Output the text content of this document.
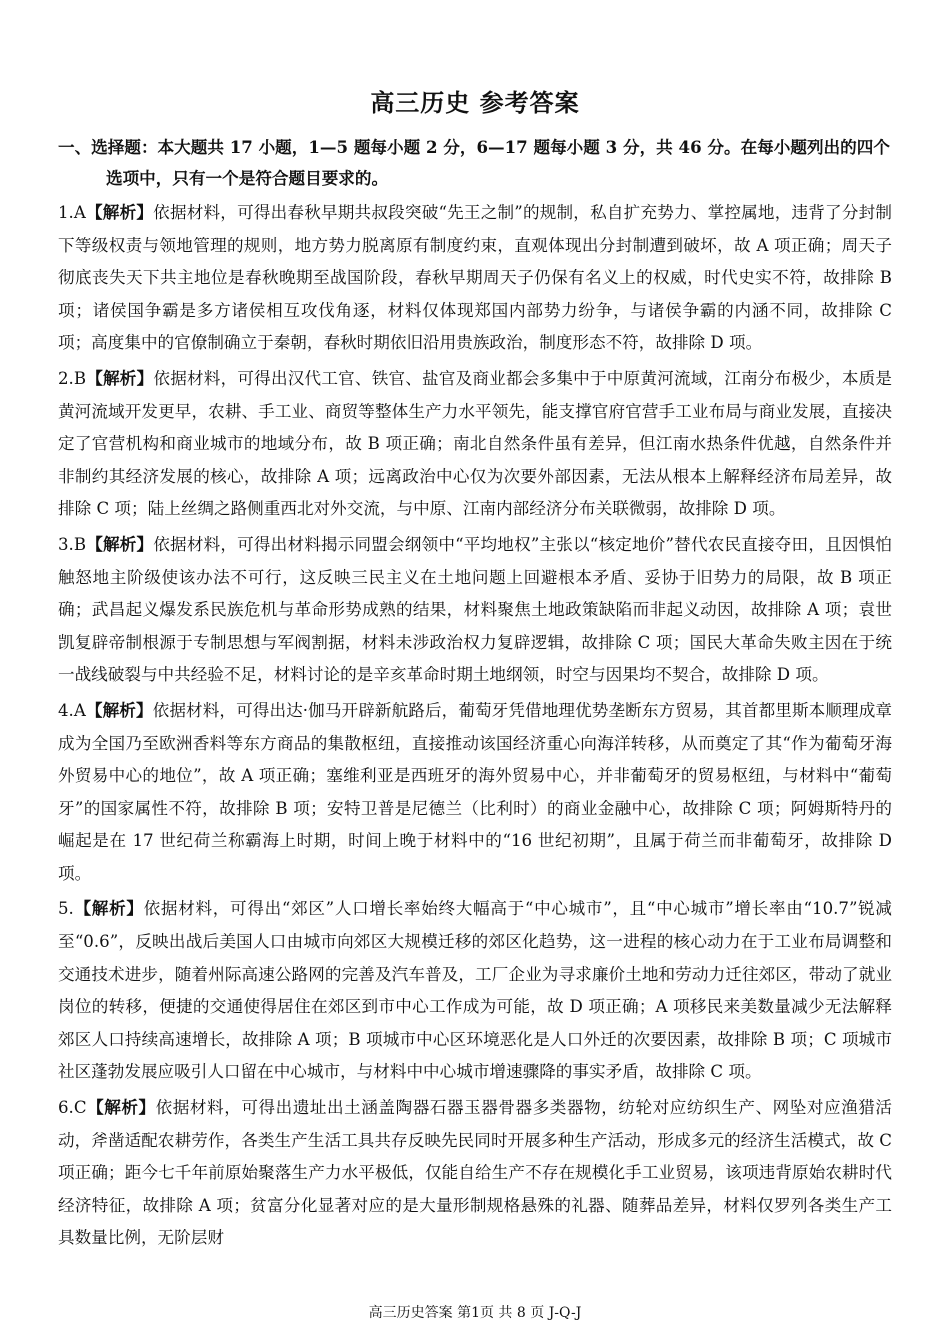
高三历史 参考答案

一、选择题：本大题共 17 小题，1—5 题每小题 2 分，6—17 题每小题 3 分，共 46 分。在每小题列出的四个选项中，只有一个是符合题目要求的。

1.A【解析】依据材料，可得出春秋早期共叔段突破“先王之制”的规制，私自扩充势力、掌控属地，违背了分封制下等级权责与领地管理的规则，地方势力脱离原有制度约束，直观体现出分封制遭到破坏，故 A 项正确；周天子彻底丧失天下共主地位是春秋晚期至战国阶段，春秋早期周天子仍保有名义上的权威，时代史实不符，故排除 B 项；诸侯国争霸是多方诸侯相互攻伐角逐，材料仅体现郑国内部势力纷争，与诸侯争霸的内涵不同，故排除 C 项；高度集中的官僚制确立于秦朝，春秋时期依旧沿用贵族政治，制度形态不符，故排除 D 项。
2.B【解析】依据材料，可得出汉代工官、铁官、盐官及商业都会多集中于中原黄河流域，江南分布极少，本质是黄河流域开发更早，农耕、手工业、商贸等整体生产力水平领先，能支撑官府官营手工业布局与商业发展，直接决定了官营机构和商业城市的地域分布，故 B 项正确；南北自然条件虽有差异，但江南水热条件优越，自然条件并非制约其经济发展的核心，故排除 A 项；远离政治中心仅为次要外部因素，无法从根本上解释经济布局差异，故排除 C 项；陆上丝绸之路侧重西北对外交流，与中原、江南内部经济分布关联微弱，故排除 D 项。
3.B【解析】依据材料，可得出材料揭示同盟会纲领中“平均地权”主张以“核定地价”替代农民直接夺田，且因惧怕触怒地主阶级使该办法不可行，这反映三民主义在土地问题上回避根本矛盾、妥协于旧势力的局限，故 B 项正确；武昌起义爆发系民族危机与革命形势成熟的结果，材料聚焦土地政策缺陷而非起义动因，故排除 A 项；袁世凯复辟帝制根源于专制思想与军阀割据，材料未涉政治权力复辟逻辑，故排除 C 项；国民大革命失败主因在于统一战线破裂与中共经验不足，材料讨论的是辛亥革命时期土地纲领，时空与因果均不契合，故排除 D 项。
4.A【解析】依据材料，可得出达·伽马开辟新航路后，葡萄牙凭借地理优势垄断东方贸易，其首都里斯本顺理成章成为全国乃至欧洲香料等东方商品的集散枢纽，直接推动该国经济重心向海洋转移，从而奠定了其“作为葡萄牙海外贸易中心的地位”，故 A 项正确；塞维利亚是西班牙的海外贸易中心，并非葡萄牙的贸易枢纽，与材料中“葡萄牙”的国家属性不符，故排除 B 项；安特卫普是尼德兰（比利时）的商业金融中心，故排除 C 项；阿姆斯特丹的崛起是在 17 世纪荷兰称霸海上时期，时间上晚于材料中的“16 世纪初期”，且属于荷兰而非葡萄牙，故排除 D 项。
5.【解析】依据材料，可得出“郊区”人口增长率始终大幅高于“中心城市”，且“中心城市”增长率由“10.7”锐减至“0.6”，反映出战后美国人口由城市向郊区大规模迁移的郊区化趋势，这一进程的核心动力在于工业布局调整和交通技术进步，随着州际高速公路网的完善及汽车普及，工厂企业为寻求廉价土地和劳动力迁往郊区，带动了就业岗位的转移，便捷的交通使得居住在郊区到市中心工作成为可能，故 D 项正确；A 项移民来美数量减少无法解释郊区人口持续高速增长，故排除 A 项；B 项城市中心区环境恶化是人口外迁的次要因素，故排除 B 项；C 项城市社区蓬勃发展应吸引人口留在中心城市，与材料中中心城市增速骤降的事实矛盾，故排除 C 项。
6.C【解析】依据材料，可得出遗址出土涵盖陶器石器玉器骨器多类器物，纺轮对应纺织生产、网坠对应渔猎活动，斧凿适配农耕劳作，各类生产生活工具共存反映先民同时开展多种生产活动，形成多元的经济生活模式，故 C 项正确；距今七千年前原始聚落生产力水平极低，仅能自给生产不存在规模化手工业贸易，该项违背原始农耕时代经济特征，故排除 A 项；贫富分化显著对应的是大量形制规格悬殊的礼器、随葬品差异，材料仅罗列各类生产工具数量比例，无阶层财
高三历史答案 第1页 共 8 页 J-Q-J
